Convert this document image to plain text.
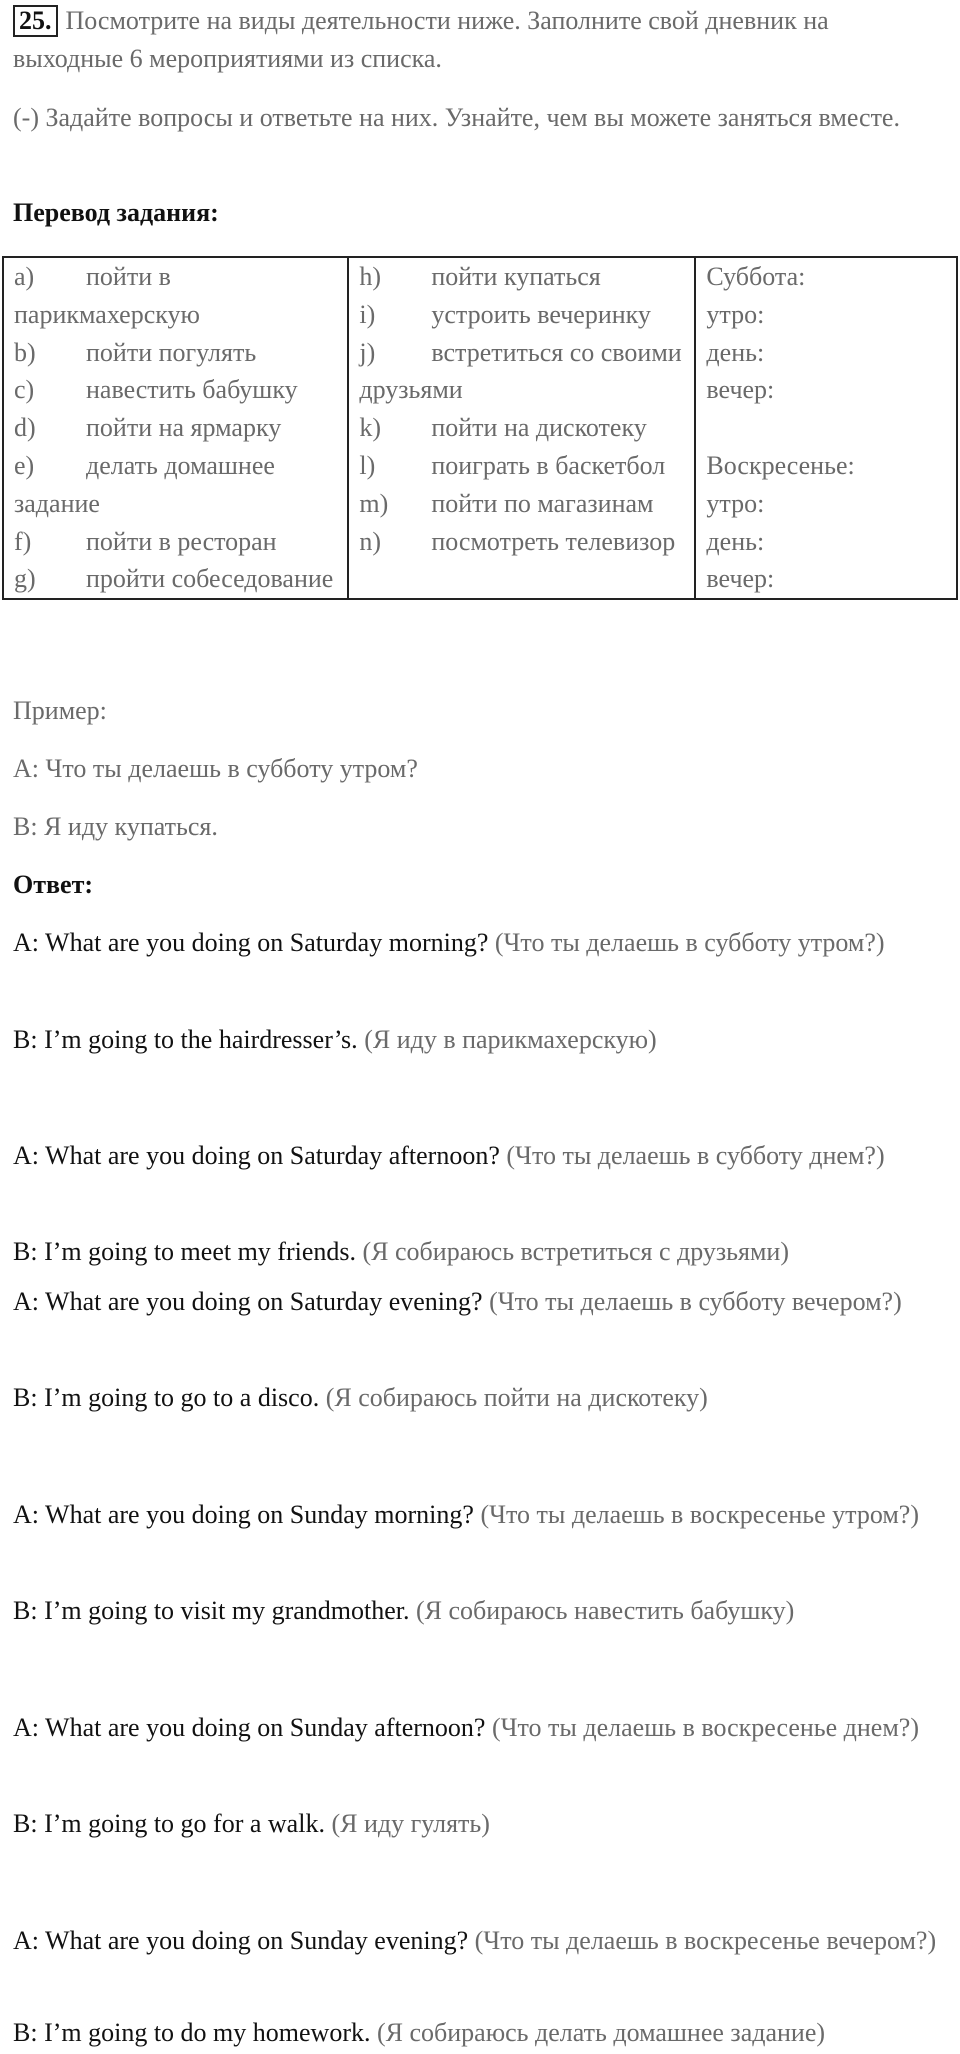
25. Посмотрите на виды деятельности ниже. Заполните свой дневник на выходные 6 мероприятиями из списка.

(-) Задайте вопросы и ответьте на них. Узнайте, чем вы можете заняться вместе.

Перевод задания:
a) пойти в парикмахерскую
b) пойти погулять
c) навестить бабушку
d) пойти на ярмарку
e) делать домашнее задание
f) пойти в ресторан
g) пройти собеседование

h) пойти купаться
i) устроить вечеринку
j) встретиться со своими друзьями
k) пойти на дискотеку
l) поиграть в баскетбол
m) пойти по магазинам
n) посмотреть телевизор

Суббота:
утро:
день:
вечер:
Воскресенье:
утро:
день:
вечер:
Пример:
A: Что ты делаешь в субботу утром?
B: Я иду купаться.
Ответ:
A: What are you doing on Saturday morning? (Что ты делаешь в субботу утром?)
B: I’m going to the hairdresser’s. (Я иду в парикмахерскую)
A: What are you doing on Saturday afternoon? (Что ты делаешь в субботу днем?)
B: I’m going to meet my friends. (Я собираюсь встретиться с друзьями)
A: What are you doing on Saturday evening? (Что ты делаешь в субботу вечером?)
B: I’m going to go to a disco. (Я собираюсь пойти на дискотеку)
A: What are you doing on Sunday morning? (Что ты делаешь в воскресенье утром?)
B: I’m going to visit my grandmother. (Я собираюсь навестить бабушку)
A: What are you doing on Sunday afternoon? (Что ты делаешь в воскресенье днем?)
B: I’m going to go for a walk. (Я иду гулять)
A: What are you doing on Sunday evening? (Что ты делаешь в воскресенье вечером?)
B: I’m going to do my homework. (Я собираюсь делать домашнее задание)
